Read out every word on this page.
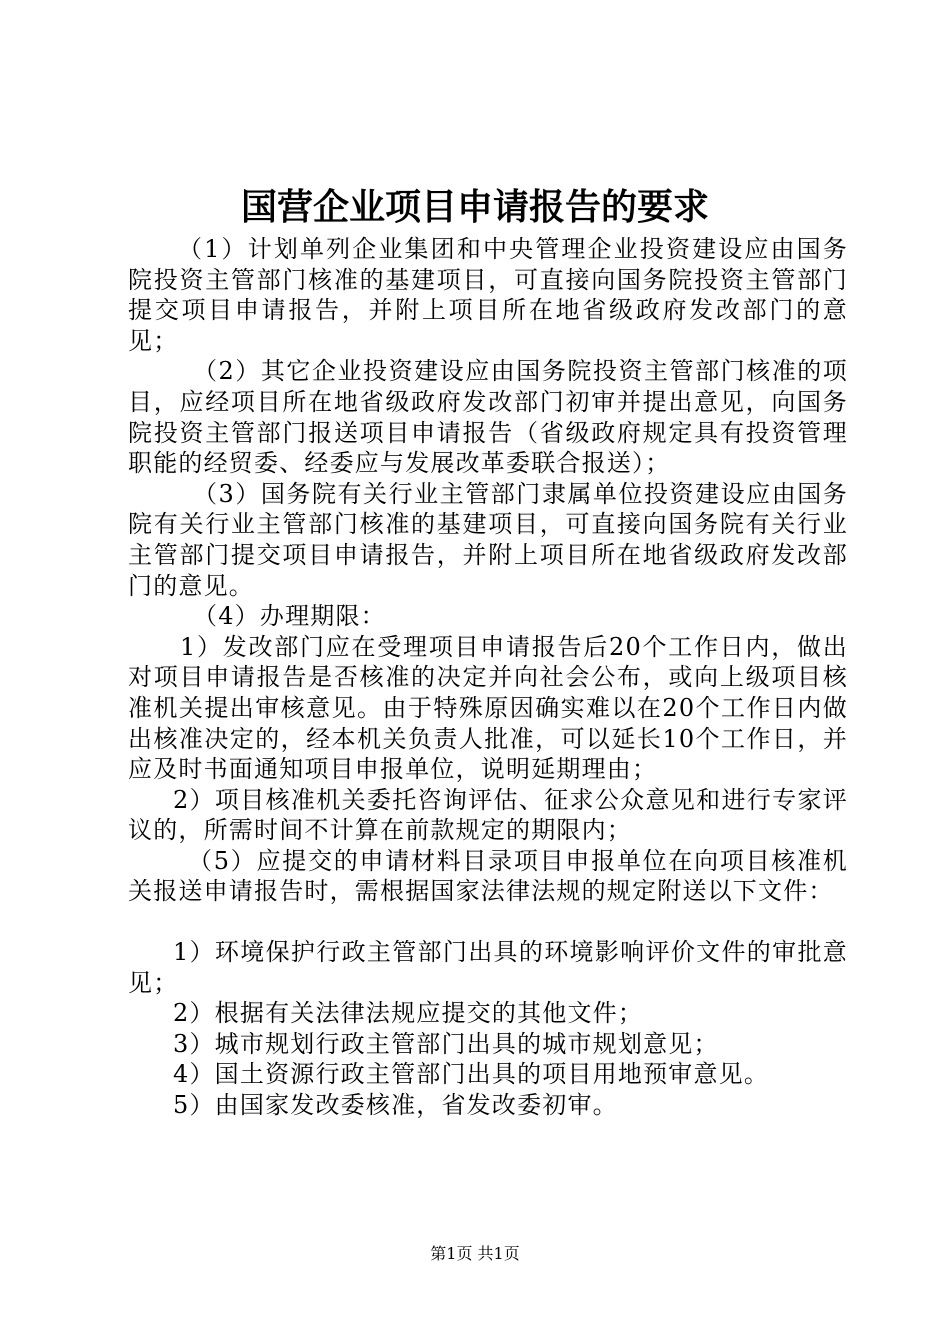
国营企业项目申请报告的要求

（1）计划单列企业集团和中央管理企业投资建设应由国务院投资主管部门核准的基建项目，可直接向国务院投资主管部门提交项目申请报告，并附上项目所在地省级政府发改部门的意见；

（2）其它企业投资建设应由国务院投资主管部门核准的项目，应经项目所在地省级政府发改部门初审并提出意见，向国务院投资主管部门报送项目申请报告（省级政府规定具有投资管理职能的经贸委、经委应与发展改革委联合报送）；

（3）国务院有关行业主管部门隶属单位投资建设应由国务院有关行业主管部门核准的基建项目，可直接向国务院有关行业主管部门提交项目申请报告，并附上项目所在地省级政府发改部门的意见。

（4）办理期限：

1）发改部门应在受理项目申请报告后20个工作日内，做出对项目申请报告是否核准的决定并向社会公布，或向上级项目核准机关提出审核意见。由于特殊原因确实难以在20个工作日内做出核准决定的，经本机关负责人批准，可以延长10个工作日，并应及时书面通知项目申报单位，说明延期理由；

2）项目核准机关委托咨询评估、征求公众意见和进行专家评议的，所需时间不计算在前款规定的期限内；

（5）应提交的申请材料目录项目申报单位在向项目核准机关报送申请报告时，需根据国家法律法规的规定附送以下文件：

1）环境保护行政主管部门出具的环境影响评价文件的审批意见；

2）根据有关法律法规应提交的其他文件；

3）城市规划行政主管部门出具的城市规划意见；

4）国土资源行政主管部门出具的项目用地预审意见。

5）由国家发改委核准，省发改委初审。

第1页 共1页
